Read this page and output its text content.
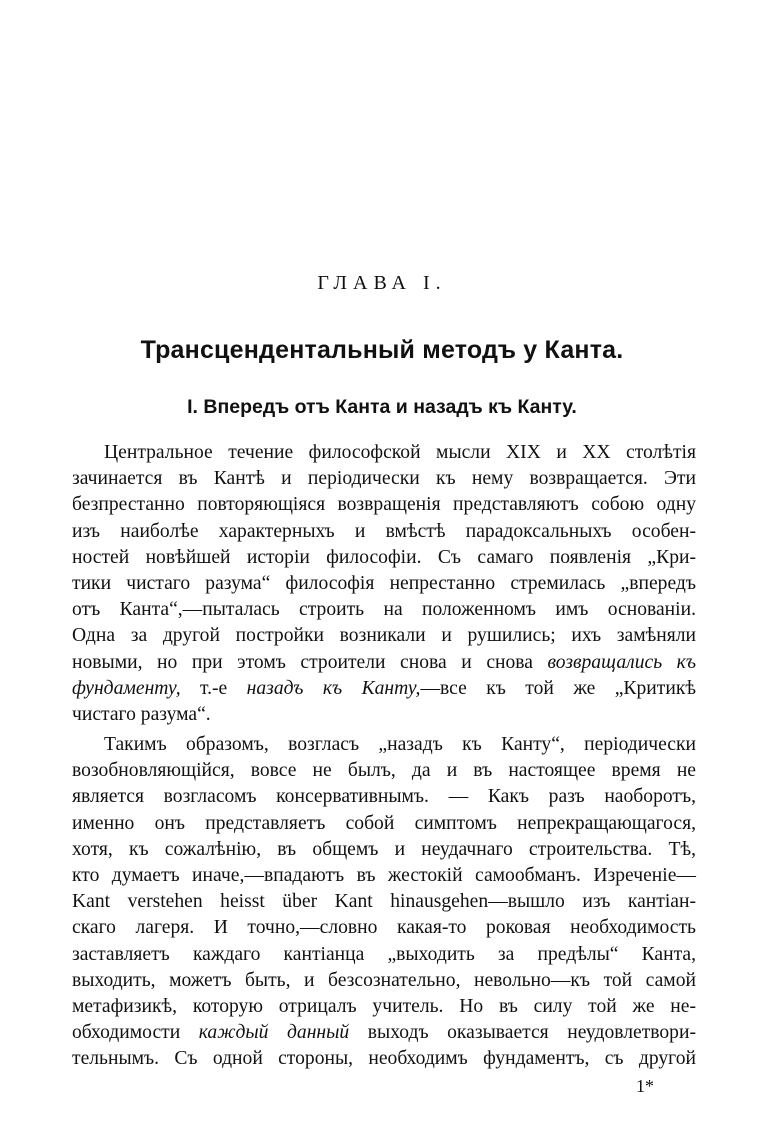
ГЛАВА I.
Трансцендентальный методъ у Канта.
I. Впередъ отъ Канта и назадъ къ Канту.
Центральное течение философской мысли XIX и XX столѣтія
зачинается въ Кантѣ и періодически къ нему возвращается. Эти
безпрестанно повторяющіяся возвращенія представляютъ собою одну
изъ наиболѣе характерныхъ и вмѣстѣ парадоксальныхъ особен-
ностей новѣйшей исторіи философіи. Съ самаго появленія „Кри-
тики чистаго разума“ философія непрестанно стремилась „впередъ
отъ Канта“,—пыталась строить на положенномъ имъ основаніи.
Одна за другой постройки возникали и рушились; ихъ замѣняли
новыми, но при этомъ строители снова и снова возвращались къ
фундаменту, т.-е назадъ къ Канту,—все къ той же „Критикѣ
чистаго разума“.
Такимъ образомъ, возгласъ „назадъ къ Канту“, періодически
возобновляющійся, вовсе не былъ, да и въ настоящее время не
является возгласомъ консервативнымъ. — Какъ разъ наоборотъ,
именно онъ представляетъ собой симптомъ непрекращающагося,
хотя, къ сожалѣнію, въ общемъ и неудачнаго строительства. Тѣ,
кто думаетъ иначе,—впадаютъ въ жестокій самообманъ. Изреченіе—
Kant verstehen heisst über Kant hinausgehen—вышло изъ кантіан-
скаго лагеря. И точно,—словно какая-то роковая необходимость
заставляетъ каждаго кантіанца „выходить за предѣлы“ Канта,
выходить, можетъ быть, и безсознательно, невольно—къ той самой
метафизикѣ, которую отрицалъ учитель. Но въ силу той же не-
обходимости каждый данный выходъ оказывается неудовлетвори-
тельнымъ. Съ одной стороны, необходимъ фундаментъ, съ другой
1*
